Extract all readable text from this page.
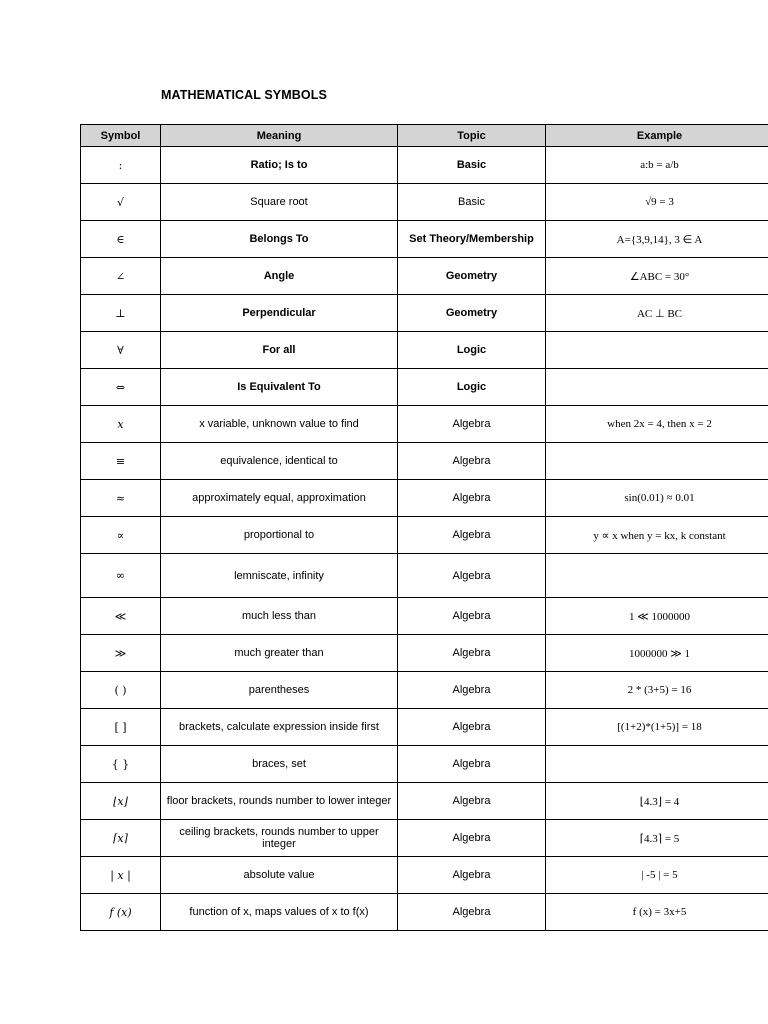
MATHEMATICAL SYMBOLS
Symbol	Meaning	Topic	Example
:	Ratio; Is to	Basic	a:b = a/b
√	Square root	Basic	√9 = 3
∈	Belongs To	Set Theory/Membership	A={3,9,14}, 3 ∈ A
∠	Angle	Geometry	∠ABC = 30°
⊥	Perpendicular	Geometry	AC ⊥ BC
∀	For all	Logic	
⇔	Is Equivalent To	Logic	
x	x variable, unknown value to find	Algebra	when 2x = 4, then x = 2
≡	equivalence, identical to	Algebra	
≈	approximately equal, approximation	Algebra	sin(0.01) ≈ 0.01
∝	proportional to	Algebra	y ∝ x when y = kx, k constant
∞	lemniscate, infinity	Algebra	
≪	much less than	Algebra	1 ≪ 1000000
≫	much greater than	Algebra	1000000 ≫ 1
( )	parentheses	Algebra	2 * (3+5) = 16
[ ]	brackets, calculate expression inside first	Algebra	[(1+2)*(1+5)] = 18
{ }	braces, set	Algebra	
⌊x⌋	floor brackets, rounds number to lower integer	Algebra	⌊4.3⌋ = 4
⌈x⌉	ceiling brackets, rounds number to upper integer	Algebra	⌈4.3⌉ = 5
| x |	absolute value	Algebra	| -5 | = 5
f (x)	function of x, maps values of x to f(x)	Algebra	f (x) = 3x+5
